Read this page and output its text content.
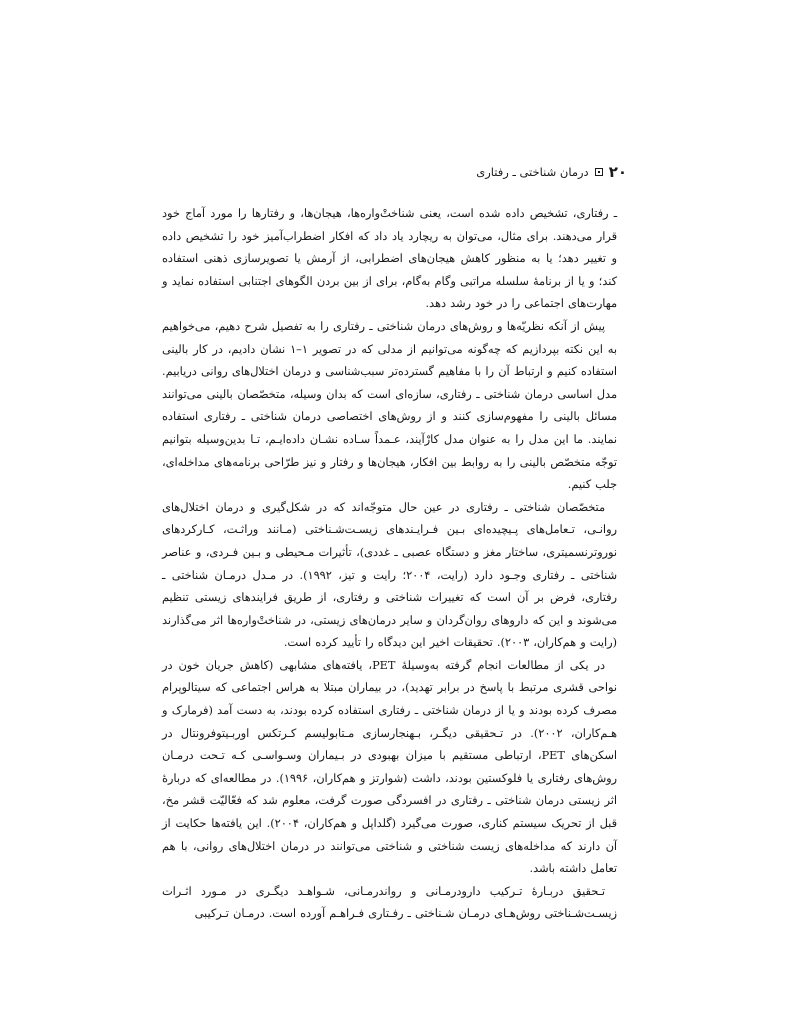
۲۰
درمان شناختی ـ رفتاری

ـ رفتاری، تشخیص داده شده است، یعنی شناختْ‌واره‌ها، هیجان‌ها، و رفتارها را مورد آماج خود قرار می‌دهند. برای مثال، می‌توان به ریچارد یاد داد که افکار اضطراب‌آمیز خود را تشخیص داده و تغییر دهد؛ یا به منظور کاهش هیجان‌های اضطرابی، از آرمش یا تصویرسازی ذهنی استفاده کند؛ و یا از برنامهٔ سلسله مراتبی وگام به‌گام، برای از بین بردن الگوهای اجتنابی استفاده نماید و مهارت‌های اجتماعی را در خود رشد دهد.

پیش از آنکه نظریّه‌ها و روش‌های درمان شناختی ـ رفتاری را به تفصیل شرح دهیم، می‌خواهیم به این نکته بپردازیم که چه‌گونه می‌توانیم از مدلی که در تصویر ۱–۱ نشان دادیم، در کار بالینی استفاده کنیم و ارتباط آن را با مفاهیم گسترده‌تر سبب‌شناسی و درمان اختلال‌های روانی دریابیم. مدل اساسی درمان شناختی ـ رفتاری، سازه‌ای است که بدان وسیله، متخصّصان بالینی می‌توانند مسائل بالینی را مفهوم‌سازی کنند و از روش‌های اختصاصی درمان شناختی ـ رفتاری استفاده نمایند. ما این مدل را به عنوان مدل کارْآیند، عـمداً سـاده نشـان داده‌ایـم، تـا بدین‌وسیله بتوانیم توجّه متخصّص بالینی را به روابط بین افکار، هیجان‌ها و رفتار و نیز طرّاحی برنامه‌های مداخله‌ای، جلب کنیم.

متخصّصان شناختی ـ رفتاری در عین حال متوجّه‌اند که در شکل‌گیری و درمان اختلال‌های روانـی، تـعامل‌های پـیچیده‌ای بـین فـرایـندهای زیسـت‌شـناختی (مـانند وراثـت، کـارکردهای نوروترنسمیتری، ساختار مغز و دستگاه عصبی ـ غددی)، تأثیرات مـحیطی و بـین فـردی، و عناصر شناختی ـ رفتاری وجـود دارد (رایت، ۲۰۰۴؛ رایت و تیز، ۱۹۹۲). در مـدل درمـان شناختی ـ رفتاری، فرض بر آن است که تغییرات شناختی و رفتاری، از طریق فرایندهای زیستی تنظیم می‌شوند و این که داروهای روان‌گردان و سایر درمان‌های زیستی، در شناختْ‌واره‌ها اثر می‌گذارند (رایت و هم‌کاران، ۲۰۰۳). تحقیقات اخیر این دیدگاه را تأیید کرده است.

در یکی از مطالعات انجام گرفته به‌وسیلهٔ PET، یافته‌های مشابهی (کاهش جریان خون در نواحی قشری مرتبط با پاسخ در برابر تهدید)، در بیماران مبتلا به هراس اجتماعی که سیتالوپرام مصرف کرده بودند و یا از درمان شناختی ـ رفتاری استفاده کرده بودند، به دست آمد (فرمارک و هـم‌کاران، ۲۰۰۲). در تـحقیقی دیگـر، بـهنجارسازی مـتابولیسم کـرتکس اوربـیتوفرونتال در اسکن‌های PET، ارتباطی مستقیم با میزان بهبودی در بـیماران وسـواسـی کـه تـحت درمـان روش‌های رفتاری یا فلوکستین بودند، داشت (شوارتز و هم‌کاران، ۱۹۹۶). در مطالعه‌ای که دربارهٔ اثر زیستی درمان شناختی ـ رفتاری در افسردگی صورت گرفت، معلوم شد که فعّالیّت قشر مخ، قبل از تحریک سیستم کناری، صورت می‌گیرد (گلداپل و هم‌کاران، ۲۰۰۴). این یافته‌ها حکایت از آن دارند که مداخله‌های زیست شناختی و شناختی می‌توانند در درمان اختلال‌های روانی، با هم تعامل داشته باشد.

تـحقیق دربـارهٔ تـرکیب دارودرمـانی و رواندرمـانی، شـواهـد دیگـری در مـورد اثـرات زیسـت‌شـناختی روش‌هـای درمـان شـناختی ـ رفـتاری فـراهـم آورده است. درمـان تـرکیبی
